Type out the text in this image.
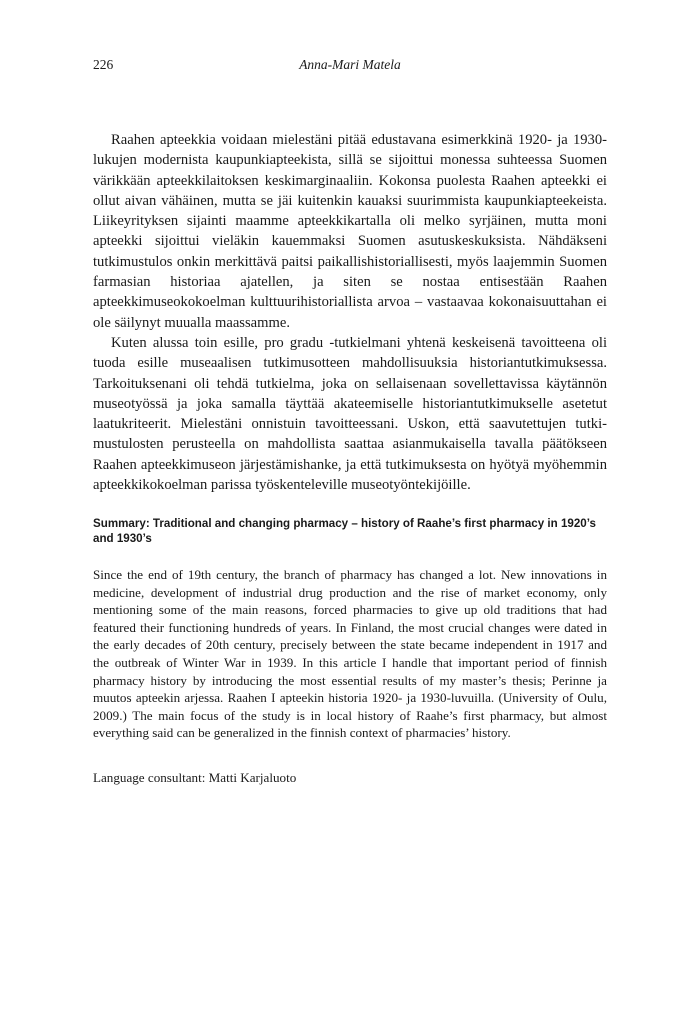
226	Anna-Mari Matela

Raahen apteekkia voidaan mielestäni pitää edustavana esimerkkinä 1920- ja 1930-lukujen modernista kaupunkiapteekista, sillä se sijoittui monessa suhteessa Suomen värikkään apteekkilaitoksen keskimarginaaliin. Kokonsa puolesta Raahen apteekki ei ollut aivan vähäinen, mutta se jäi kuitenkin kauaksi suurimmista kaupunkiapteekeista. Liikeyrityksen sijainti maamme apteekkikartalla oli melko syrjäinen, mutta moni apteekki sijoittui vieläkin kauemmaksi Suomen asutuskeskuksista. Nähdäkseni tutkimustulos onkin merkittävä paitsi paikallishistoriallisesti, myös laajemmin Suomen farmasian historiaa ajatellen, ja siten se nostaa entisestään Raahen apteekkimuseokokoelman kulttuurihistoriallista arvoa – vastaavaa kokonaisuuttahan ei ole säilynyt muualla maassamme.

Kuten alussa toin esille, pro gradu -tutkielmani yhtenä keskeisenä tavoitteena oli tuoda esille museaalisen tutkimusotteen mahdollisuuksia historiantutkimuksessa. Tarkoituksenani oli tehdä tutkielma, joka on sellaisenaan sovellettavissa käytännön museotyössä ja joka samalla täyttää akateemiselle historiantutkimukselle asetetut laatukriteerit. Mielestäni onnistuin tavoitteessani. Uskon, että saavutettujen tutkimustulosten perusteella on mahdollista saattaa asianmukaisella tavalla päätökseen Raahen apteekkimuseon järjestämishanke, ja että tutkimuksesta on hyötyä myöhemmin apteekkikokoelman parissa työskenteleville museotyöntekijöille.

Summary: Traditional and changing pharmacy – history of Raahe’s first pharmacy in 1920’s and 1930’s

Since the end of 19th century, the branch of pharmacy has changed a lot. New innovations in medicine, development of industrial drug production and the rise of market economy, only mentioning some of the main reasons, forced pharmacies to give up old traditions that had featured their functioning hundreds of years. In Finland, the most crucial changes were dated in the early decades of 20th century, precisely between the state became independent in 1917 and the outbreak of Winter War in 1939. In this article I handle that important period of finnish pharmacy history by introducing the most essential results of my master’s thesis; Perinne ja muutos apteekin arjessa. Raahen I apteekin historia 1920- ja 1930-luvuilla. (University of Oulu, 2009.) The main focus of the study is in local history of Raahe’s first pharmacy, but almost everything said can be generalized in the finnish context of pharmacies’ history.

Language consultant: Matti Karjaluoto
